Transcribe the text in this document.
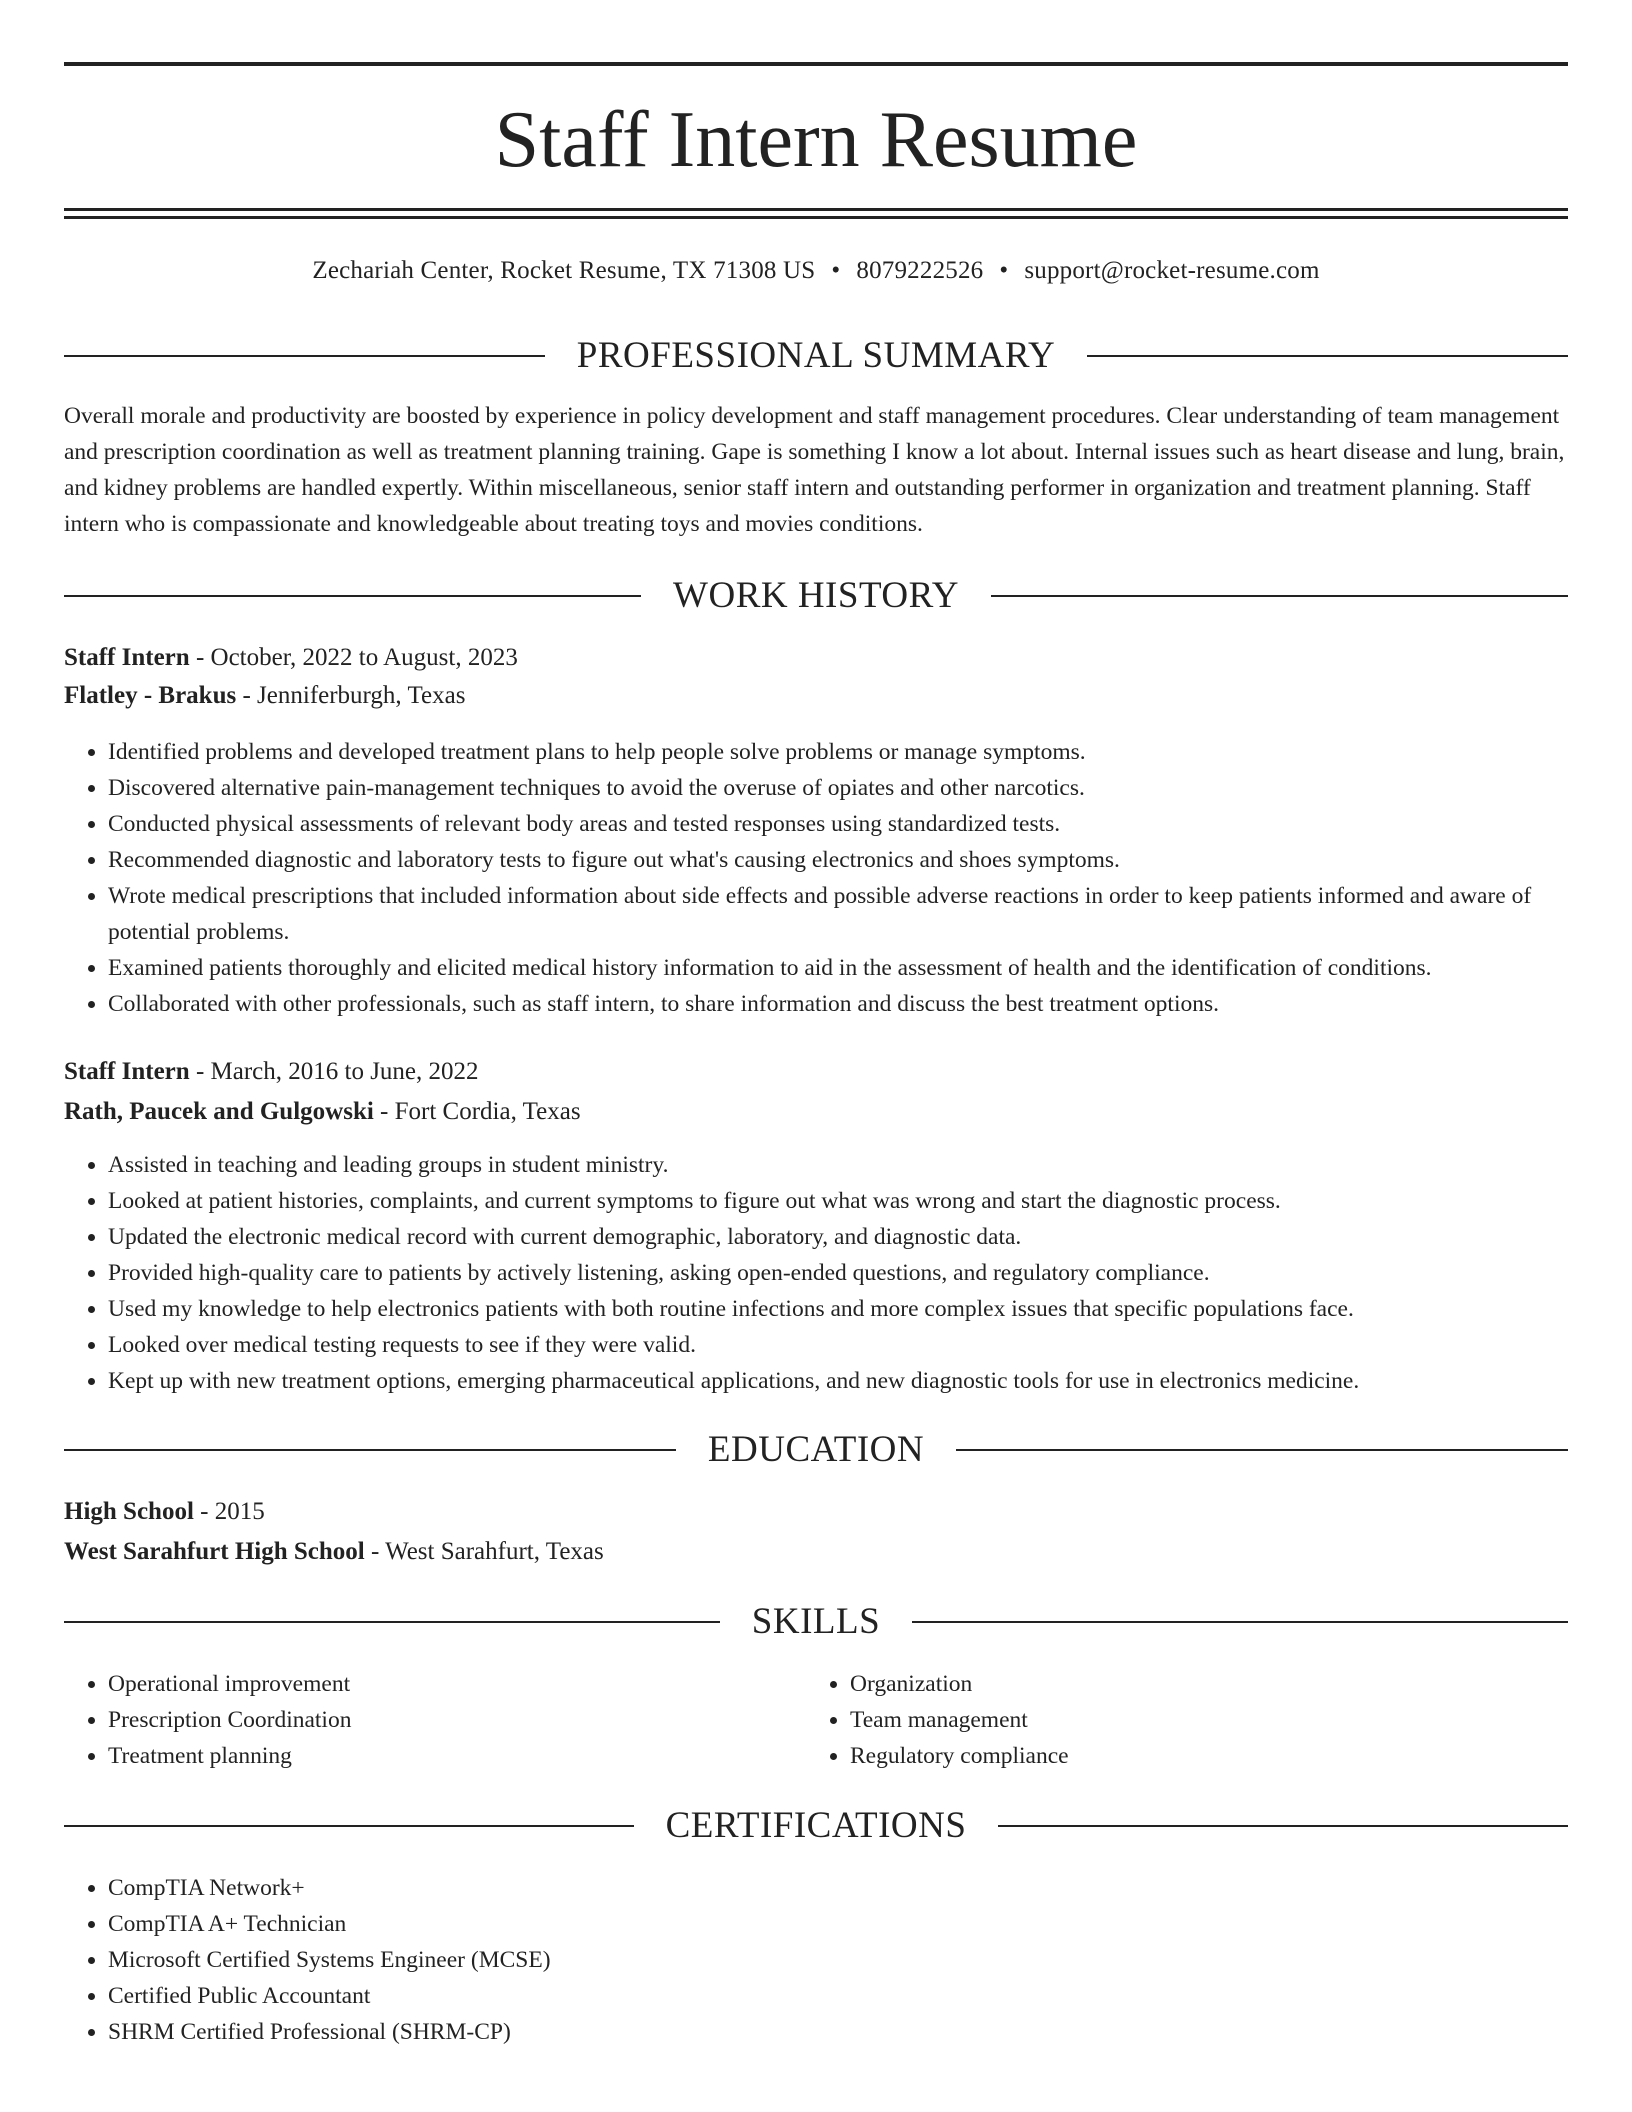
Staff Intern Resume
Zechariah Center, Rocket Resume, TX 71308 US • 8079222526 • support@rocket-resume.com
PROFESSIONAL SUMMARY

Overall morale and productivity are boosted by experience in policy development and staff management procedures. Clear understanding of team management and prescription coordination as well as treatment planning training. Gape is something I know a lot about. Internal issues such as heart disease and lung, brain, and kidney problems are handled expertly. Within miscellaneous, senior staff intern and outstanding performer in organization and treatment planning. Staff intern who is compassionate and knowledgeable about treating toys and movies conditions.

WORK HISTORY
Staff Intern - October, 2022 to August, 2023
Flatley - Brakus - Jenniferburgh, Texas
• Identified problems and developed treatment plans to help people solve problems or manage symptoms.
• Discovered alternative pain-management techniques to avoid the overuse of opiates and other narcotics.
• Conducted physical assessments of relevant body areas and tested responses using standardized tests.
• Recommended diagnostic and laboratory tests to figure out what's causing electronics and shoes symptoms.
• Wrote medical prescriptions that included information about side effects and possible adverse reactions in order to keep patients informed and aware of potential problems.
• Examined patients thoroughly and elicited medical history information to aid in the assessment of health and the identification of conditions.
• Collaborated with other professionals, such as staff intern, to share information and discuss the best treatment options.
Staff Intern - March, 2016 to June, 2022
Rath, Paucek and Gulgowski - Fort Cordia, Texas
• Assisted in teaching and leading groups in student ministry.
• Looked at patient histories, complaints, and current symptoms to figure out what was wrong and start the diagnostic process.
• Updated the electronic medical record with current demographic, laboratory, and diagnostic data.
• Provided high-quality care to patients by actively listening, asking open-ended questions, and regulatory compliance.
• Used my knowledge to help electronics patients with both routine infections and more complex issues that specific populations face.
• Looked over medical testing requests to see if they were valid.
• Kept up with new treatment options, emerging pharmaceutical applications, and new diagnostic tools for use in electronics medicine.
EDUCATION
High School - 2015
West Sarahfurt High School - West Sarahfurt, Texas
SKILLS
• Operational improvement
• Prescription Coordination
• Treatment planning
• Organization
• Team management
• Regulatory compliance
CERTIFICATIONS
• CompTIA Network+
• CompTIA A+ Technician
• Microsoft Certified Systems Engineer (MCSE)
• Certified Public Accountant
• SHRM Certified Professional (SHRM-CP)
